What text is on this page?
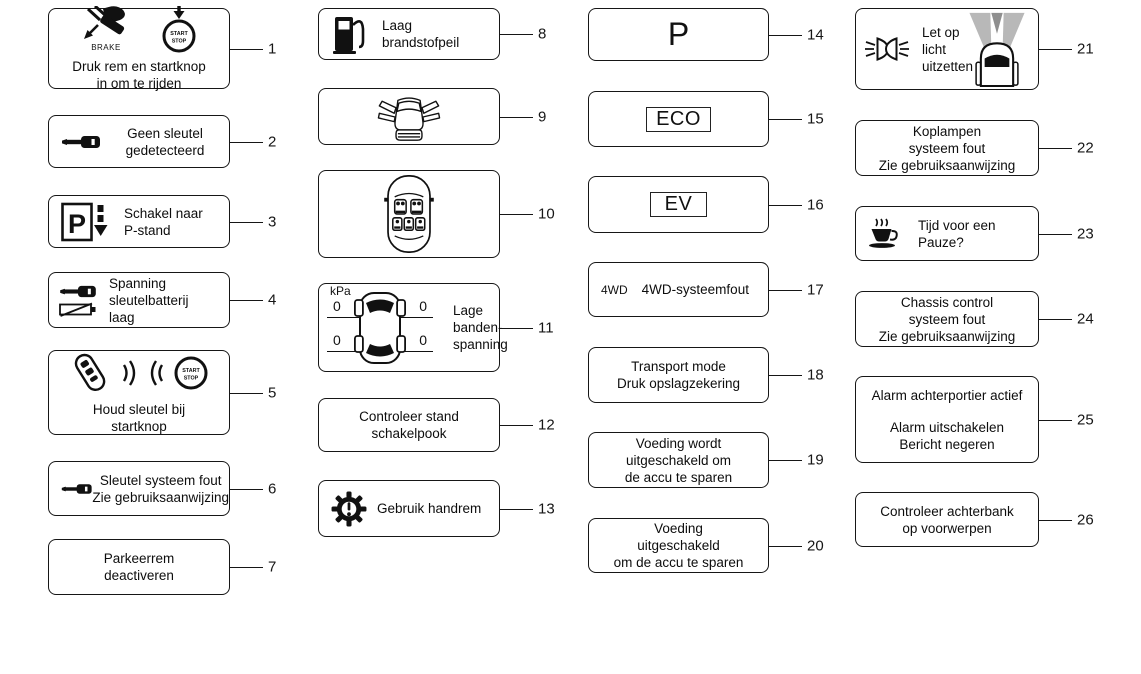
BRAKE
START
STOP
Druk rem en startknop
in om te rijden
1
Geen sleutel
gedetecteerd	2
P	Schakel naar
P-stand	3
Spanning
sleutelbatterij
laag
4
START
STOP
Houd sleutel bij
startknop
5
Sleutel systeem fout
Zie gebruiksaanwijzing	6
Parkeerrem
deactiveren	7
Laag
brandstofpeil	8
9
10
kPa
0	0
0	0
Lage
banden-
spanning
11
Controleer stand
schakelpook	12
Gebruik handrem	13
P	14
ECO	15
EV	16
4WD 4WD-systeemfout	17
Transport mode
Druk opslagzekering	18
Voeding wordt
uitgeschakeld om
de accu te sparen
19
Voeding
uitgeschakeld
om de accu te sparen
20
Let op
licht
uitzetten
21
Koplampen
systeem fout
Zie gebruiksaanwijzing
22
Tijd voor een
Pauze?	23
Chassis control
systeem fout
Zie gebruiksaanwijzing
24
Alarm achterportier actief
Alarm uitschakelen
Bericht negeren
25
Controleer achterbank
op voorwerpen	26
